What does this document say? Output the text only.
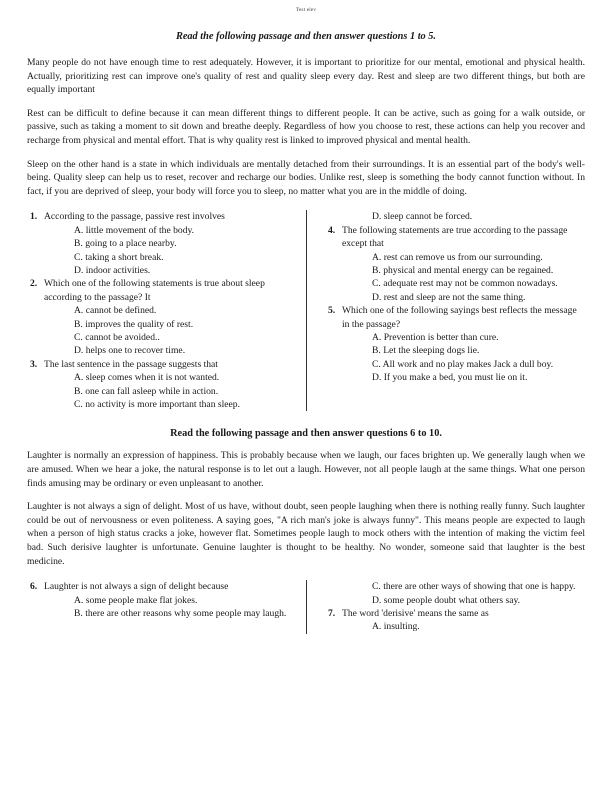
Test elev
Read the following passage and then answer questions 1 to 5.

Many people do not have enough time to rest adequately. However, it is important to prioritize for our mental, emotional and physical health. Actually, prioritizing rest can improve one's quality of rest and quality sleep every day. Rest and sleep are two different things, but both are equally important

Rest can be difficult to define because it can mean different things to different people. It can be active, such as going for a walk outside, or passive, such as taking a moment to sit down and breathe deeply. Regardless of how you choose to rest, these actions can help you recover and recharge from physical and mental effort. That is why quality rest is linked to improved physical and mental health.

Sleep on the other hand is a state in which individuals are mentally detached from their surroundings. It is an essential part of the body's well-being. Quality sleep can help us to reset, recover and recharge our bodies. Unlike rest, sleep is something the body cannot function without. In fact, if you are deprived of sleep, your body will force you to sleep, no matter what you are in the middle of doing.

1. According to the passage, passive rest involves
A. little movement of the body.
B. going to a place nearby.
C. taking a short break.
D. indoor activities.
2. Which one of the following statements is true about sleep according to the passage? It
A. cannot be defined.
B. improves the quality of rest.
C. cannot be avoided..
D. helps one to recover time.
3. The last sentence in the passage suggests that
A. sleep comes when it is not wanted.
B. one can fall asleep while in action.
C. no activity is more important than sleep.
D. sleep cannot be forced.
4. The following statements are true according to the passage except that
A. rest can remove us from our surrounding.
B. physical and mental energy can be regained.
C. adequate rest may not be common nowadays.
D. rest and sleep are not the same thing.
5. Which one of the following sayings best reflects the message in the passage?
A. Prevention is better than cure.
B. Let the sleeping dogs lie.
C. All work and no play makes Jack a dull boy.
D. If you make a bed, you must lie on it.
Read the following passage and then answer questions 6 to 10.

Laughter is normally an expression of happiness. This is probably because when we laugh, our faces brighten up. We generally laugh when we are amused. When we hear a joke, the natural response is to let out a laugh. However, not all people laugh at the same things. What one person finds amusing may be ordinary or even unpleasant to another.

Laughter is not always a sign of delight. Most of us have, without doubt, seen people laughing when there is nothing really funny. Such laughter could be out of nervousness or even politeness. A saying goes, "A rich man's joke is always funny". This means people are expected to laugh when a person of high status cracks a joke, however flat. Sometimes people laugh to mock others with the intention of making the victim feel bad. Such derisive laughter is unfortunate. Genuine laughter is thought to be healthy. No wonder, someone said that laughter is the best medicine.

6. Laughter is not always a sign of delight because
A. some people make flat jokes.
B. there are other reasons why some people may laugh.
C. there are other ways of showing that one is happy.
D. some people doubt what others say.
7. The word 'derisive' means the same as
A. insulting.
